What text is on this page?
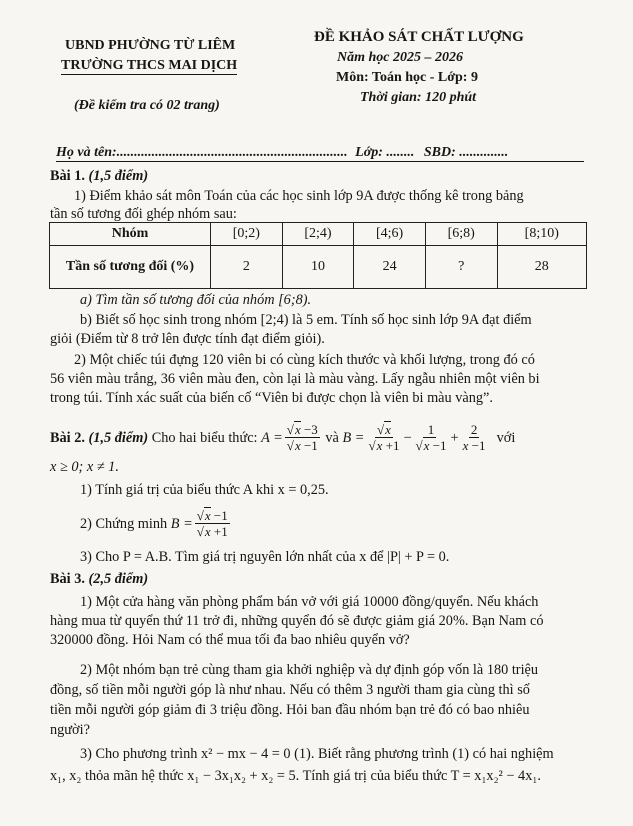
UBND PHƯỜNG TỪ LIÊM
TRƯỜNG THCS MAI DỊCH
(Đề kiểm tra có 02 trang)
ĐỀ KHẢO SÁT CHẤT LƯỢNG
Năm học 2025 – 2026
Môn: Toán học - Lớp: 9
Thời gian: 120 phút
Họ và tên:.................................................................. Lớp: ........ SBD: ..............
Bài 1. (1,5 điểm)
1) Điểm khảo sát môn Toán của các học sinh lớp 9A được thống kê trong bảng
tần số tương đối ghép nhóm sau:
Nhóm	[0;2)	[2;4)	[4;6)	[6;8)	[8;10)
Tần số tương đối (%)	2	10	24	?	28
a) Tìm tần số tương đối của nhóm [6;8).
b) Biết số học sinh trong nhóm [2;4) là 5 em. Tính số học sinh lớp 9A đạt điểm
giỏi (Điểm từ 8 trở lên được tính đạt điểm giỏi).
2) Một chiếc túi đựng 120 viên bi có cùng kích thước và khối lượng, trong đó có
56 viên màu trắng, 36 viên màu đen, còn lại là màu vàng. Lấy ngẫu nhiên một viên bi
trong túi. Tính xác suất của biến cố “Viên bi được chọn là viên bi màu vàng”.
Bài 2.
(1,5 điểm)
Cho hai biểu thức:
$A = \frac{√x -3}{√x -1}$
và
$B = \frac{√x}{√x +1} - \frac{1}{√x -1} + \frac{2}{x -1}$
với
x ≥ 0; x ≠ 1.
1) Tính giá trị của biểu thức A khi x = 0,25.
2) Chứng minh
$B = \frac{√x -1}{√x +1}$
3) Cho P = A.B. Tìm giá trị nguyên lớn nhất của x để |P| + P = 0.
Bài 3. (2,5 điểm)
1) Một cửa hàng văn phòng phẩm bán vở với giá 10000 đồng/quyển. Nếu khách
hàng mua từ quyển thứ 11 trở đi, những quyển đó sẽ được giảm giá 20%. Bạn Nam có
320000 đồng. Hỏi Nam có thể mua tối đa bao nhiêu quyển vở?
2) Một nhóm bạn trẻ cùng tham gia khởi nghiệp và dự định góp vốn là 180 triệu
đồng, số tiền mỗi người góp là như nhau. Nếu có thêm 3 người tham gia cùng thì số
tiền mỗi người góp giảm đi 3 triệu đồng. Hỏi ban đầu nhóm bạn trẻ đó có bao nhiêu
người?
3) Cho phương trình x² − mx − 4 = 0 (1). Biết rằng phương trình (1) có hai nghiệm
x₁, x₂ thỏa mãn hệ thức x₁ − 3x₁x₂ + x₂ = 5. Tính giá trị của biểu thức T = x₁x₂² − 4x₁.
